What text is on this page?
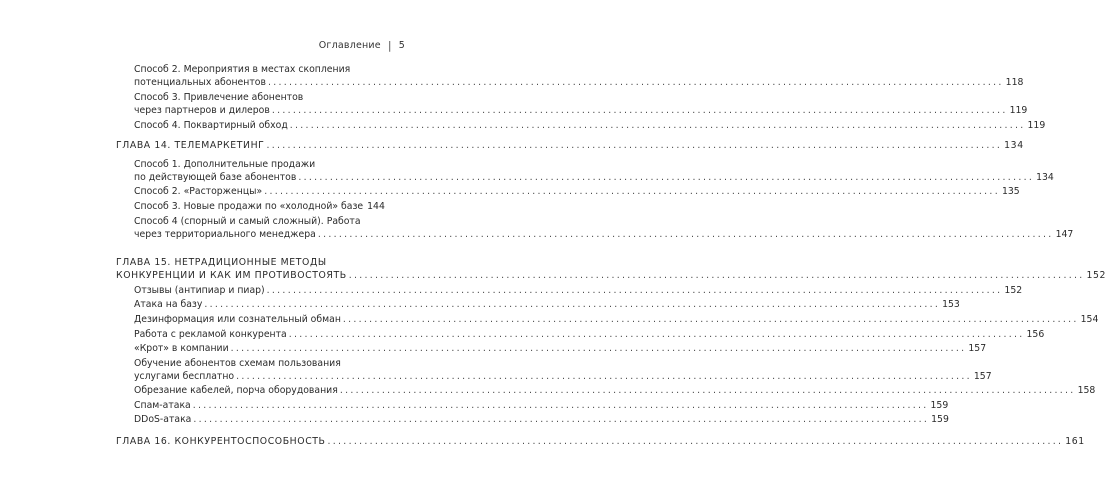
Оглавление | 5
Способ 2. Мероприятия в местах скопления
потенциальных абонентов ............................................................................................................................................ 118
Способ 3. Привлечение абонентов
через партнеров и дилеров ............................................................................................................................................ 119
Способ 4. Поквартирный обход ............................................................................................................................................ 119
ГЛАВА 14. ТЕЛЕМАРКЕТИНГ ............................................................................................................................................ 134
Способ 1. Дополнительные продажи
по действующей базе абонентов ............................................................................................................................................ 134
Способ 2. «Расторженцы» ............................................................................................................................................ 135
Способ 3. Новые продажи по «холодной» базе 144
Способ 4 (спорный и самый сложный). Работа
через территориального менеджера ............................................................................................................................................ 147
ГЛАВА 15. НЕТРАДИЦИОННЫЕ МЕТОДЫ
КОНКУРЕНЦИИ И КАК ИМ ПРОТИВОСТОЯТЬ ............................................................................................................................................ 152
Отзывы (антипиар и пиар) ............................................................................................................................................ 152
Атака на базу ............................................................................................................................................ 153
Дезинформация или сознательный обман ............................................................................................................................................ 154
Работа с рекламой конкурента ............................................................................................................................................ 156
«Крот» в компании ............................................................................................................................................ 157
Обучение абонентов схемам пользования
услугами бесплатно ............................................................................................................................................ 157
Обрезание кабелей, порча оборудования ............................................................................................................................................ 158
Спам-атака ............................................................................................................................................ 159
DDoS-атака ............................................................................................................................................ 159
ГЛАВА 16. КОНКУРЕНТОСПОСОБНОСТЬ ............................................................................................................................................ 161
